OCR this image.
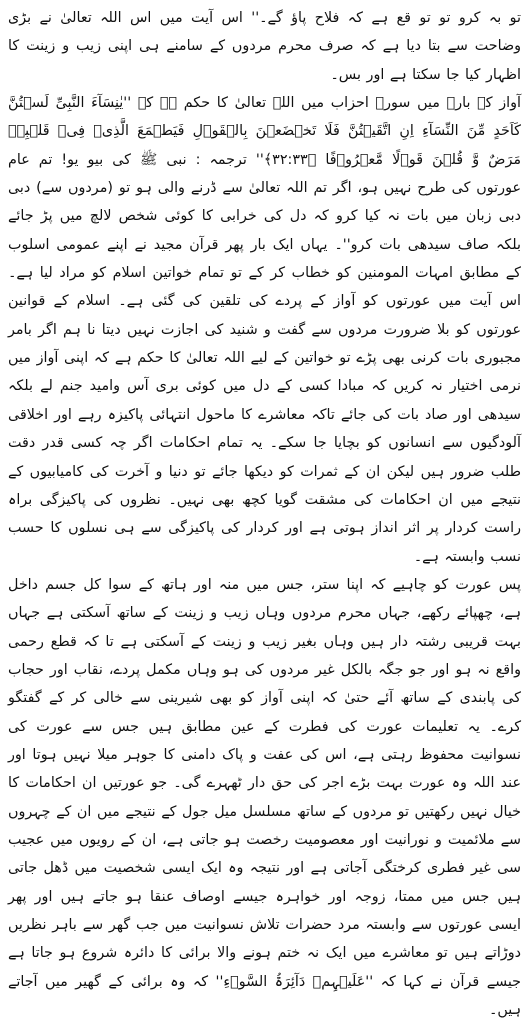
تو بہ کرو تو تو قع ہے کہ فلاح پاؤ گے۔'' اس آیت میں اس اللہ تعالیٰ نے بڑی وضاحت سے بتا دیا ہے کہ صرف محرم مردوں کے سامنے ہی اپنی زیب و زینت کا اظہار کیا جا سکتا ہے اور بس۔

آواز کے بارے میں سورۃ احزاب میں اللہ تعالیٰ کا حکم ہے کہ ''یٰنِسَآءَ النَّبِیِّ لَسۡتُنَّ کَاَحَدٍ مِّنَ النِّسَآءِ اِنِ اتَّقَیۡتُنَّ فَلَا تَخۡضَعۡنَ بِالۡقَوۡلِ فَیَطۡمَعَ الَّذِیۡ فِیۡ قَلۡبِہٖ مَرَضٌ وَّ قُلۡنَ قَوۡلًا مَّعۡرُوۡفًا ﴿۳۲:۳۳﴾'' ترجمہ : نبی ﷺ کی بیو یو! تم عام عورتوں کی طرح نہیں ہو، اگر تم اللہ تعالیٰ سے ڈرنے والی ہو تو (مردوں سے) دبی دبی زبان میں بات نہ کیا کرو کہ دل کی خرابی کا کوئی شخص لالچ میں پڑ جائے بلکہ صاف سیدھی بات کرو''۔ یہاں ایک بار پھر قرآن مجید نے اپنے عمومی اسلوب کے مطابق امہات المومنین کو خطاب کر کے تو تمام خواتین اسلام کو مراد لیا ہے۔ اس آیت میں عورتوں کو آواز کے پردے کی تلقین کی گئی ہے۔ اسلام کے قوانین عورتوں کو بلا ضرورت مردوں سے گفت و شنید کی اجازت نہیں دیتا نا ہم اگر بامر مجبوری بات کرنی بھی پڑے تو خواتین کے لیے اللہ تعالیٰ کا حکم ہے کہ اپنی آواز میں نرمی اختیار نہ کریں کہ مبادا کسی کے دل میں کوئی بری آس وامید جنم لے بلکہ سیدھی اور صاد بات کی جائے تاکہ معاشرے کا ماحول انتہائی پاکیزہ رہے اور اخلاقی آلودگیوں سے انسانوں کو بچایا جا سکے۔ یہ تمام احکامات اگر چہ کسی قدر دقت طلب ضرور ہیں لیکن ان کے ثمرات کو دیکھا جائے تو دنیا و آخرت کی کامیابیوں کے نتیجے میں ان احکامات کی مشقت گویا کچھ بھی نہیں۔ نظروں کی پاکیزگی براہ راست کردار پر اثر انداز ہوتی ہے اور کردار کی پاکیزگی سے ہی نسلوں کا حسب نسب وابستہ ہے۔

پس عورت کو چاہیے کہ اپنا ستر، جس میں منہ اور ہاتھ کے سوا کل جسم داخل ہے، چھپائے رکھے، جہاں محرم مردوں وہاں زیب و زینت کے ساتھ آسکتی ہے جہاں بہت قریبی رشتہ دار ہیں وہاں بغیر زیب و زینت کے آسکتی ہے تا کہ قطع رحمی واقع نہ ہو اور جو جگہ بالکل غیر مردوں کی ہو وہاں مکمل پردے، نقاب اور حجاب کی پابندی کے ساتھ آئے حتیٰ کہ اپنی آواز کو بھی شیرینی سے خالی کر کے گفتگو کرے۔ یہ تعلیمات عورت کی فطرت کے عین مطابق ہیں جس سے عورت کی نسوانیت محفوظ رہتی ہے، اس کی عفت و پاک دامنی کا جوہر میلا نہیں ہوتا اور عند اللہ وہ عورت بہت بڑے اجر کی حق دار ٹھہرے گی۔ جو عورتیں ان احکامات کا خیال نہیں رکھتیں تو مردوں کے ساتھ مسلسل میل جول کے نتیجے میں ان کے چہروں سے ملائمیت و نورانیت اور معصومیت رخصت ہو جاتی ہے، ان کے رویوں میں عجیب سی غیر فطری کرختگی آجاتی ہے اور نتیجہ وہ ایک ایسی شخصیت میں ڈھل جاتی ہیں جس میں ممتا، زوجہ اور خواہرہ جیسے اوصاف عنقا ہو جاتے ہیں اور پھر ایسی عورتوں سے وابستہ مرد حضرات تلاش نسوانیت میں جب گھر سے باہر نظریں دوڑاتے ہیں تو معاشرے میں ایک نہ ختم ہونے والا برائی کا دائرہ شروع ہو جاتا ہے جیسے قرآن نے کہا کہ ''عَلَیۡہِمۡ دَآئِرَۃُ السَّوۡءِ'' کہ وہ برائی کے گھیر میں آجاتے ہیں۔
